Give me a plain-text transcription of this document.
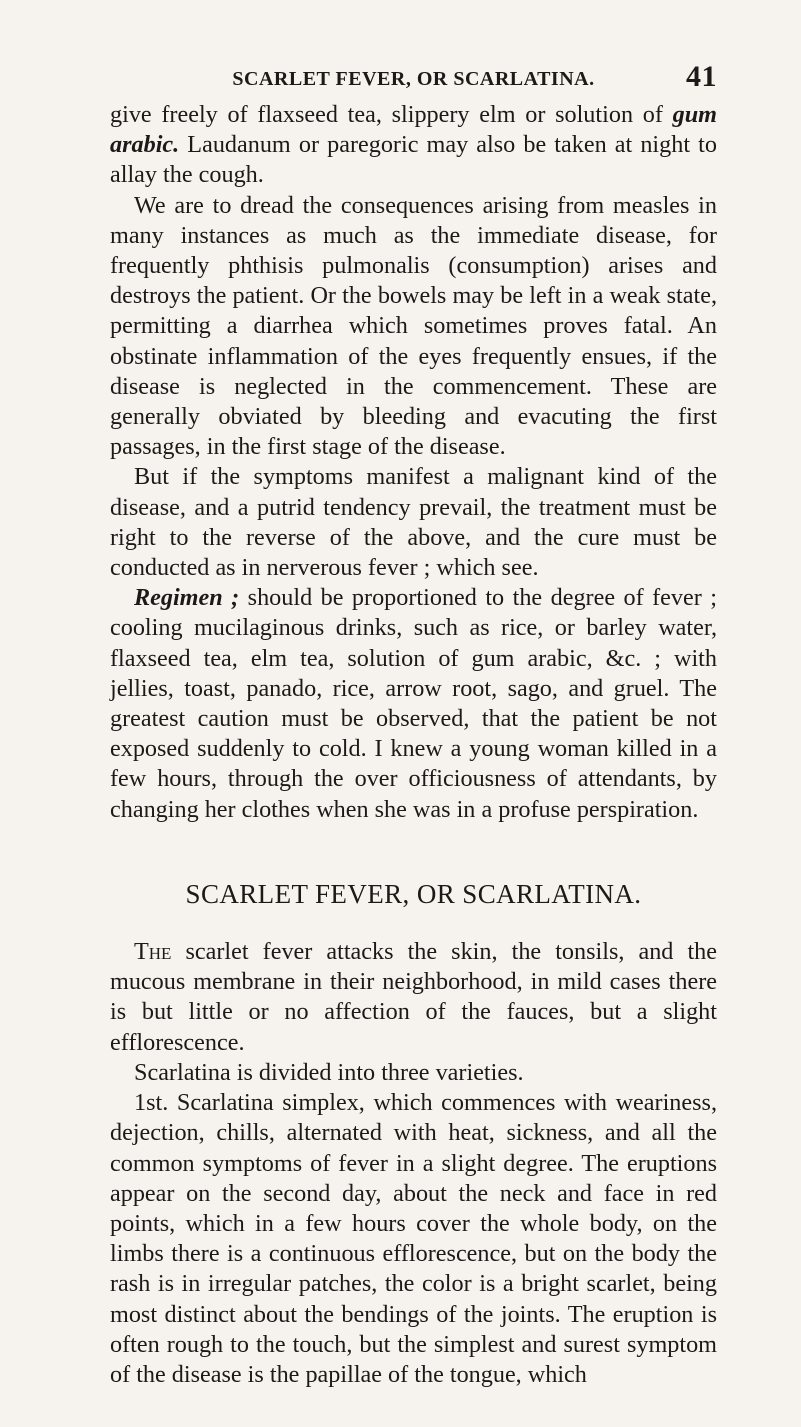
SCARLET FEVER, OR SCARLATINA.	41

give freely of flaxseed tea, slippery elm or solution of gum arabic. Laudanum or paregoric may also be taken at night to allay the cough.

We are to dread the consequences arising from measles in many instances as much as the immediate disease, for frequently phthisis pulmonalis (consumption) arises and destroys the patient. Or the bowels may be left in a weak state, permitting a diarrhea which sometimes proves fatal. An obstinate inflammation of the eyes frequently ensues, if the disease is neglected in the commencement. These are generally obviated by bleeding and evacuting the first passages, in the first stage of the disease.

But if the symptoms manifest a malignant kind of the disease, and a putrid tendency prevail, the treatment must be right to the reverse of the above, and the cure must be conducted as in nerverous fever ; which see.

Regimen ; should be proportioned to the degree of fever ; cooling mucilaginous drinks, such as rice, or barley water, flaxseed tea, elm tea, solution of gum arabic, &c. ; with jellies, toast, panado, rice, arrow root, sago, and gruel. The greatest caution must be observed, that the patient be not exposed suddenly to cold. I knew a young woman killed in a few hours, through the over officiousness of attendants, by changing her clothes when she was in a profuse perspiration.

SCARLET FEVER, OR SCARLATINA.

The scarlet fever attacks the skin, the tonsils, and the mucous membrane in their neighborhood, in mild cases there is but little or no affection of the fauces, but a slight efflorescence.

Scarlatina is divided into three varieties.

1st. Scarlatina simplex, which commences with weariness, dejection, chills, alternated with heat, sickness, and all the common symptoms of fever in a slight degree. The eruptions appear on the second day, about the neck and face in red points, which in a few hours cover the whole body, on the limbs there is a continuous efflorescence, but on the body the rash is in irregular patches, the color is a bright scarlet, being most distinct about the bendings of the joints. The eruption is often rough to the touch, but the simplest and surest symptom of the disease is the papillae of the tongue, which
